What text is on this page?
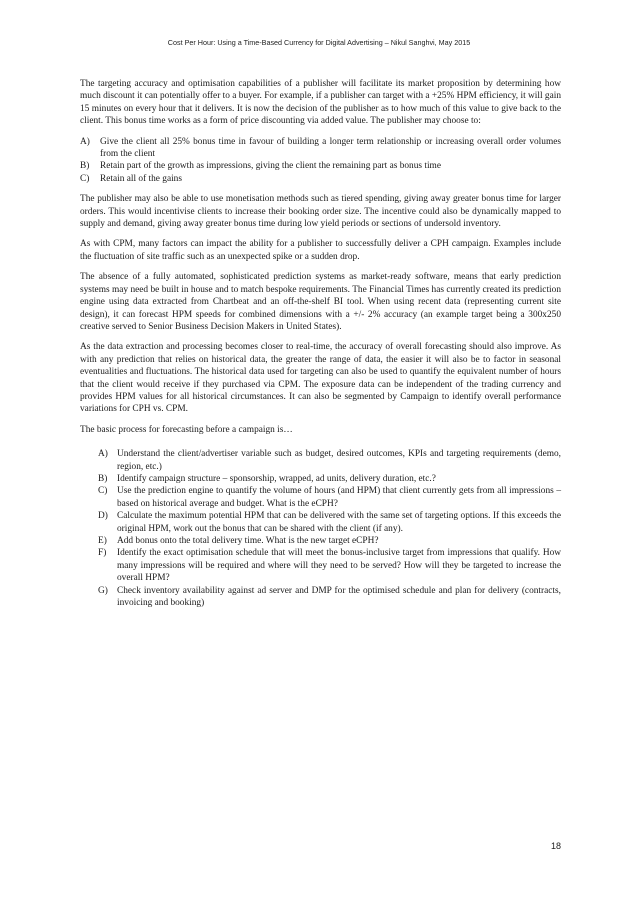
Cost Per Hour: Using a Time-Based Currency for Digital Advertising – Nikul Sanghvi, May 2015

The targeting accuracy and optimisation capabilities of a publisher will facilitate its market proposition by determining how much discount it can potentially offer to a buyer. For example, if a publisher can target with a +25% HPM efficiency, it will gain 15 minutes on every hour that it delivers. It is now the decision of the publisher as to how much of this value to give back to the client. This bonus time works as a form of price discounting via added value. The publisher may choose to:

A) Give the client all 25% bonus time in favour of building a longer term relationship or increasing overall order volumes from the client
B) Retain part of the growth as impressions, giving the client the remaining part as bonus time
C) Retain all of the gains

The publisher may also be able to use monetisation methods such as tiered spending, giving away greater bonus time for larger orders. This would incentivise clients to increase their booking order size. The incentive could also be dynamically mapped to supply and demand, giving away greater bonus time during low yield periods or sections of undersold inventory.

As with CPM, many factors can impact the ability for a publisher to successfully deliver a CPH campaign. Examples include the fluctuation of site traffic such as an unexpected spike or a sudden drop.

The absence of a fully automated, sophisticated prediction systems as market-ready software, means that early prediction systems may need be built in house and to match bespoke requirements. The Financial Times has currently created its prediction engine using data extracted from Chartbeat and an off-the-shelf BI tool. When using recent data (representing current site design), it can forecast HPM speeds for combined dimensions with a +/- 2% accuracy (an example target being a 300x250 creative served to Senior Business Decision Makers in United States).

As the data extraction and processing becomes closer to real-time, the accuracy of overall forecasting should also improve. As with any prediction that relies on historical data, the greater the range of data, the easier it will also be to factor in seasonal eventualities and fluctuations. The historical data used for targeting can also be used to quantify the equivalent number of hours that the client would receive if they purchased via CPM. The exposure data can be independent of the trading currency and provides HPM values for all historical circumstances. It can also be segmented by Campaign to identify overall performance variations for CPH vs. CPM.

The basic process for forecasting before a campaign is…

A) Understand the client/advertiser variable such as budget, desired outcomes, KPIs and targeting requirements (demo, region, etc.)
B) Identify campaign structure – sponsorship, wrapped, ad units, delivery duration, etc.?
C) Use the prediction engine to quantify the volume of hours (and HPM) that client currently gets from all impressions – based on historical average and budget. What is the eCPH?
D) Calculate the maximum potential HPM that can be delivered with the same set of targeting options. If this exceeds the original HPM, work out the bonus that can be shared with the client (if any).
E) Add bonus onto the total delivery time. What is the new target eCPH?
F) Identify the exact optimisation schedule that will meet the bonus-inclusive target from impressions that qualify. How many impressions will be required and where will they need to be served? How will they be targeted to increase the overall HPM?
G) Check inventory availability against ad server and DMP for the optimised schedule and plan for delivery (contracts, invoicing and booking)
18
